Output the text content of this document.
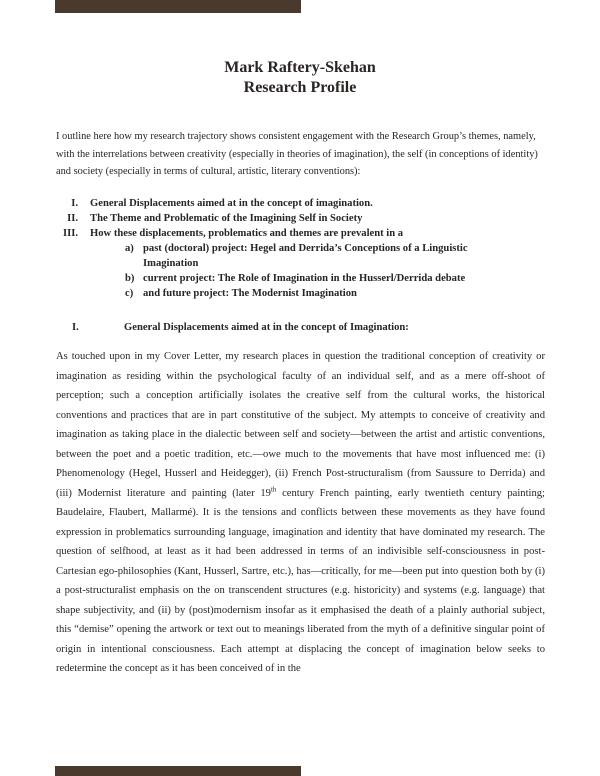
Mark Raftery-Skehan
Research Profile
I outline here how my research trajectory shows consistent engagement with the Research Group’s themes, namely, with the interrelations between creativity (especially in theories of imagination), the self (in conceptions of identity) and society (especially in terms of cultural, artistic, literary conventions):
I. General Displacements aimed at in the concept of imagination.
II. The Theme and Problematic of the Imagining Self in Society
III. How these displacements, problematics and themes are prevalent in a
a) past (doctoral) project: Hegel and Derrida’s Conceptions of a Linguistic Imagination
b) current project: The Role of Imagination in the Husserl/Derrida debate
c) and future project: The Modernist Imagination
I.	General Displacements aimed at in the concept of Imagination:
As touched upon in my Cover Letter, my research places in question the traditional conception of creativity or imagination as residing within the psychological faculty of an individual self, and as a mere off-shoot of perception; such a conception artificially isolates the creative self from the cultural works, the historical conventions and practices that are in part constitutive of the subject. My attempts to conceive of creativity and imagination as taking place in the dialectic between self and society—between the artist and artistic conventions, between the poet and a poetic tradition, etc.—owe much to the movements that have most influenced me: (i) Phenomenology (Hegel, Husserl and Heidegger), (ii) French Post-structuralism (from Saussure to Derrida) and (iii) Modernist literature and painting (later 19th century French painting, early twentieth century painting; Baudelaire, Flaubert, Mallarmé). It is the tensions and conflicts between these movements as they have found expression in problematics surrounding language, imagination and identity that have dominated my research. The question of selfhood, at least as it had been addressed in terms of an indivisible self-consciousness in post-Cartesian ego-philosophies (Kant, Husserl, Sartre, etc.), has—critically, for me—been put into question both by (i) a post-structuralist emphasis on the on transcendent structures (e.g. historicity) and systems (e.g. language) that shape subjectivity, and (ii) by (post)modernism insofar as it emphasised the death of a plainly authorial subject, this “demise” opening the artwork or text out to meanings liberated from the myth of a definitive singular point of origin in intentional consciousness. Each attempt at displacing the concept of imagination below seeks to redetermine the concept as it has been conceived of in the
